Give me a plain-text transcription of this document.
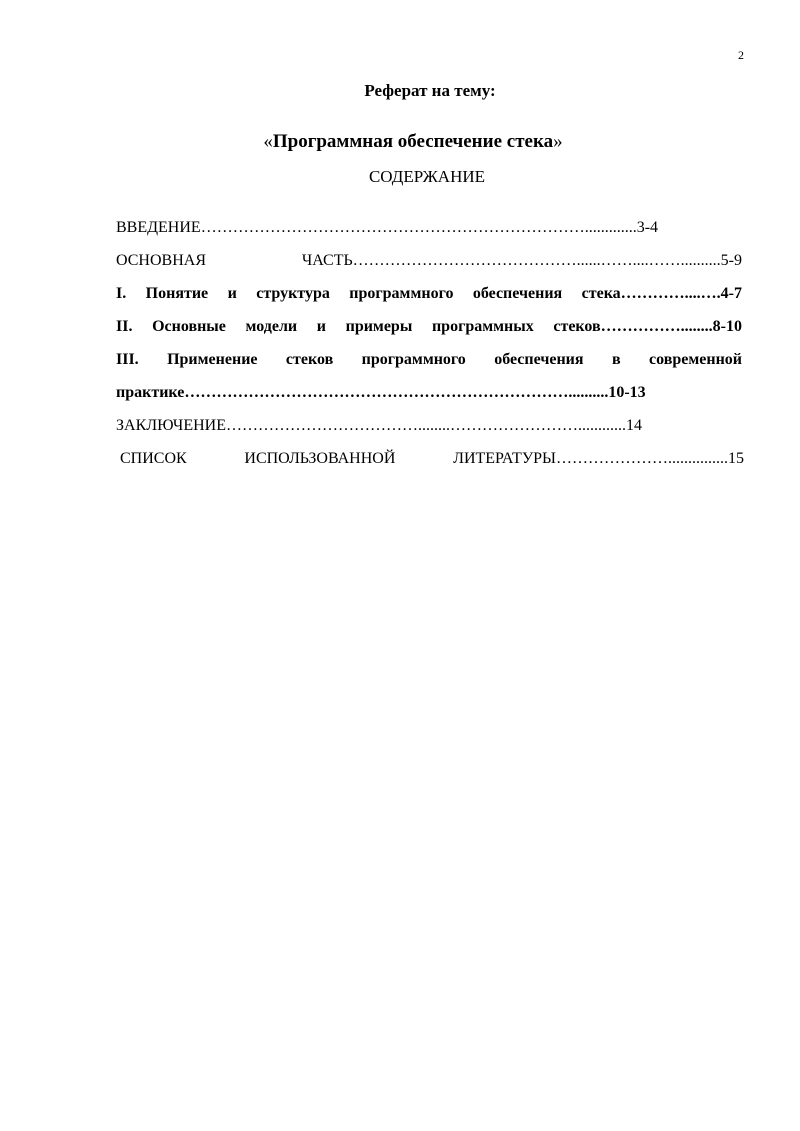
2
Реферат на тему:
«Программная обеспечение стека»
СОДЕРЖАНИЕ
ВВЕДЕНИЕ……………………………………………………………….............3-4
ОСНОВНАЯ ЧАСТЬ……………………………………......……....……..........5-9
I. Понятие и структура программного обеспечения стека…………....….4-7
II. Основные модели и примеры программных стеков……………........8-10
III. Применение стеков программного обеспечения в современной
практике………………………………………………………………..........10-13
ЗАКЛЮЧЕНИЕ………………………………........……………………............14
СПИСОК ИСПОЛЬЗОВАННОЙ ЛИТЕРАТУРЫ…………………...............15
